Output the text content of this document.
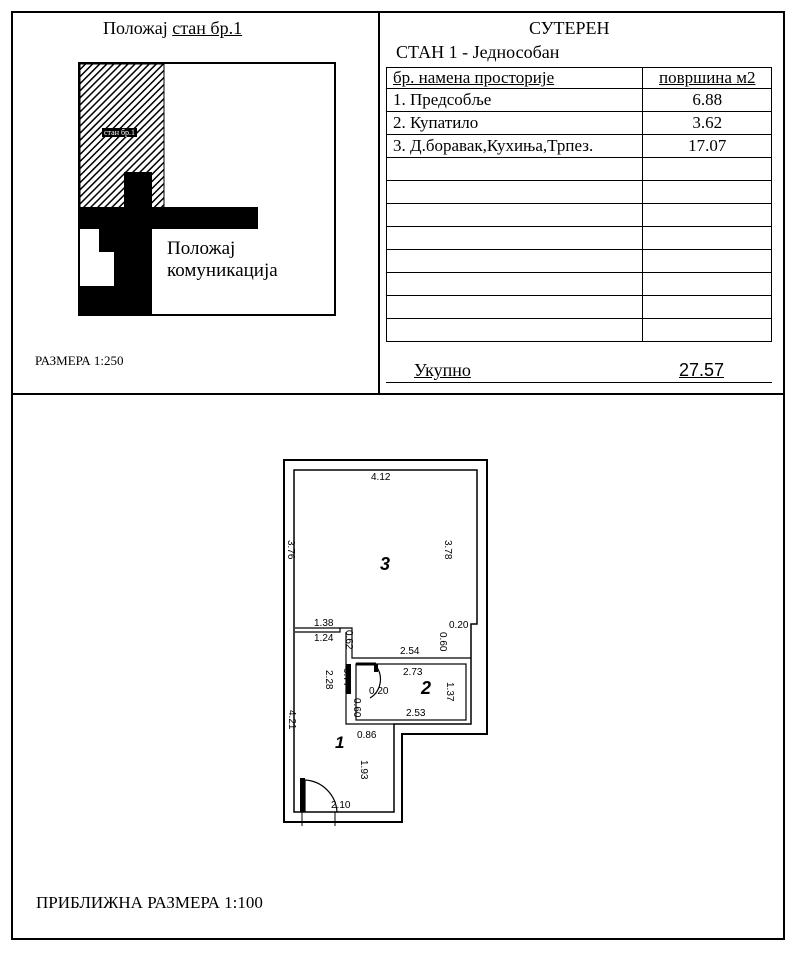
Положај стан бр.1
стан бр.1
Положај
комуникација
РАЗМЕРА 1:250
СУТЕРЕН
СТАН 1 - Једнособан
бр. намена просторије	површина м2
1. Предсобље	6.88
2. Купатило	3.62
3. Д.боравак,Кухиња,Трпез.	17.07

Укупно	27.57
1
2
3
4.12
3.76	3.78
1.38
1.24 0.62
2.54
0.60
0.20
2.73
2.28 0.77
0.20	1.37
0.60	2.53
4.21
0.86
1.93
2.10
ПРИБЛИЖНА РАЗМЕРА 1:100
